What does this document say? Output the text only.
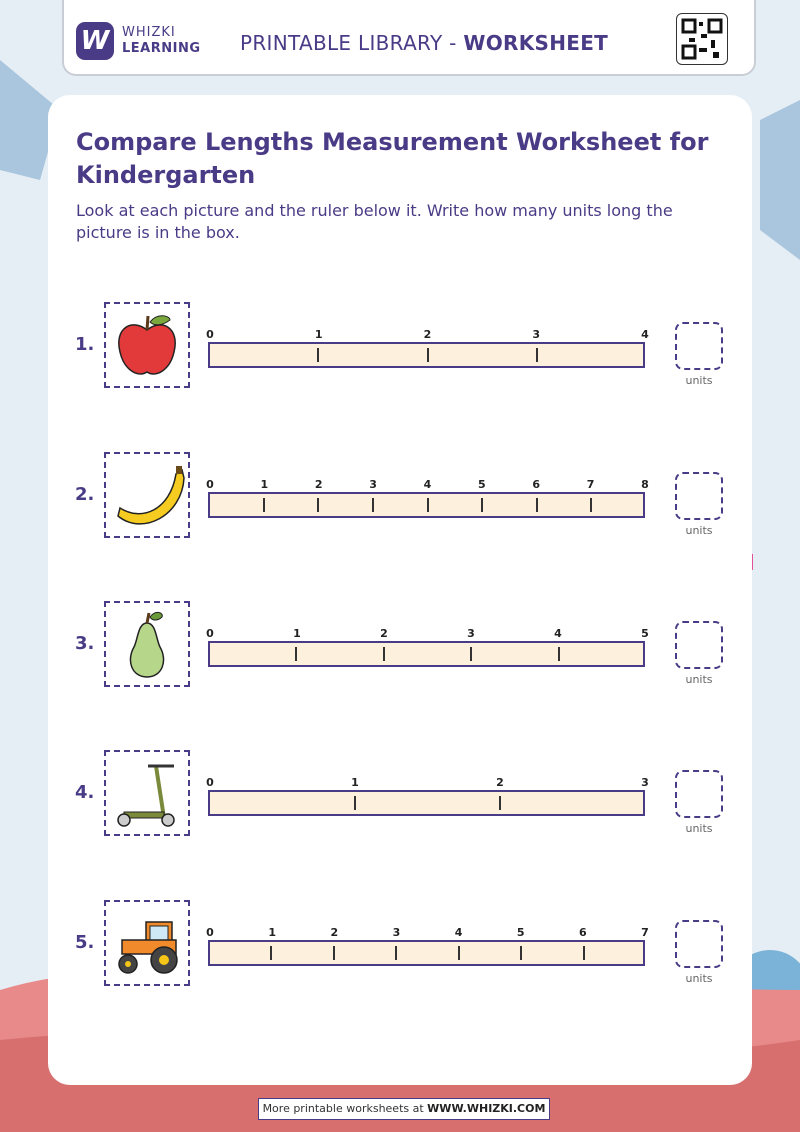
W WHIZKI
LEARNING PRINTABLE LIBRARY - WORKSHEET
Compare Lengths Measurement Worksheet for Kindergarten
Look at each picture and the ruler below it. Write how many units long the picture is in the box.
1.	0	1	2	3	4
units
2.	0	1	2	3	4	5	6	7	8
units
3.	0	1	2	3	4	5
units
4.	0	1	2	3
units
5.	0	1	2	3	4	5	6	7
units
More printable worksheets at WWW.WHIZKI.COM
